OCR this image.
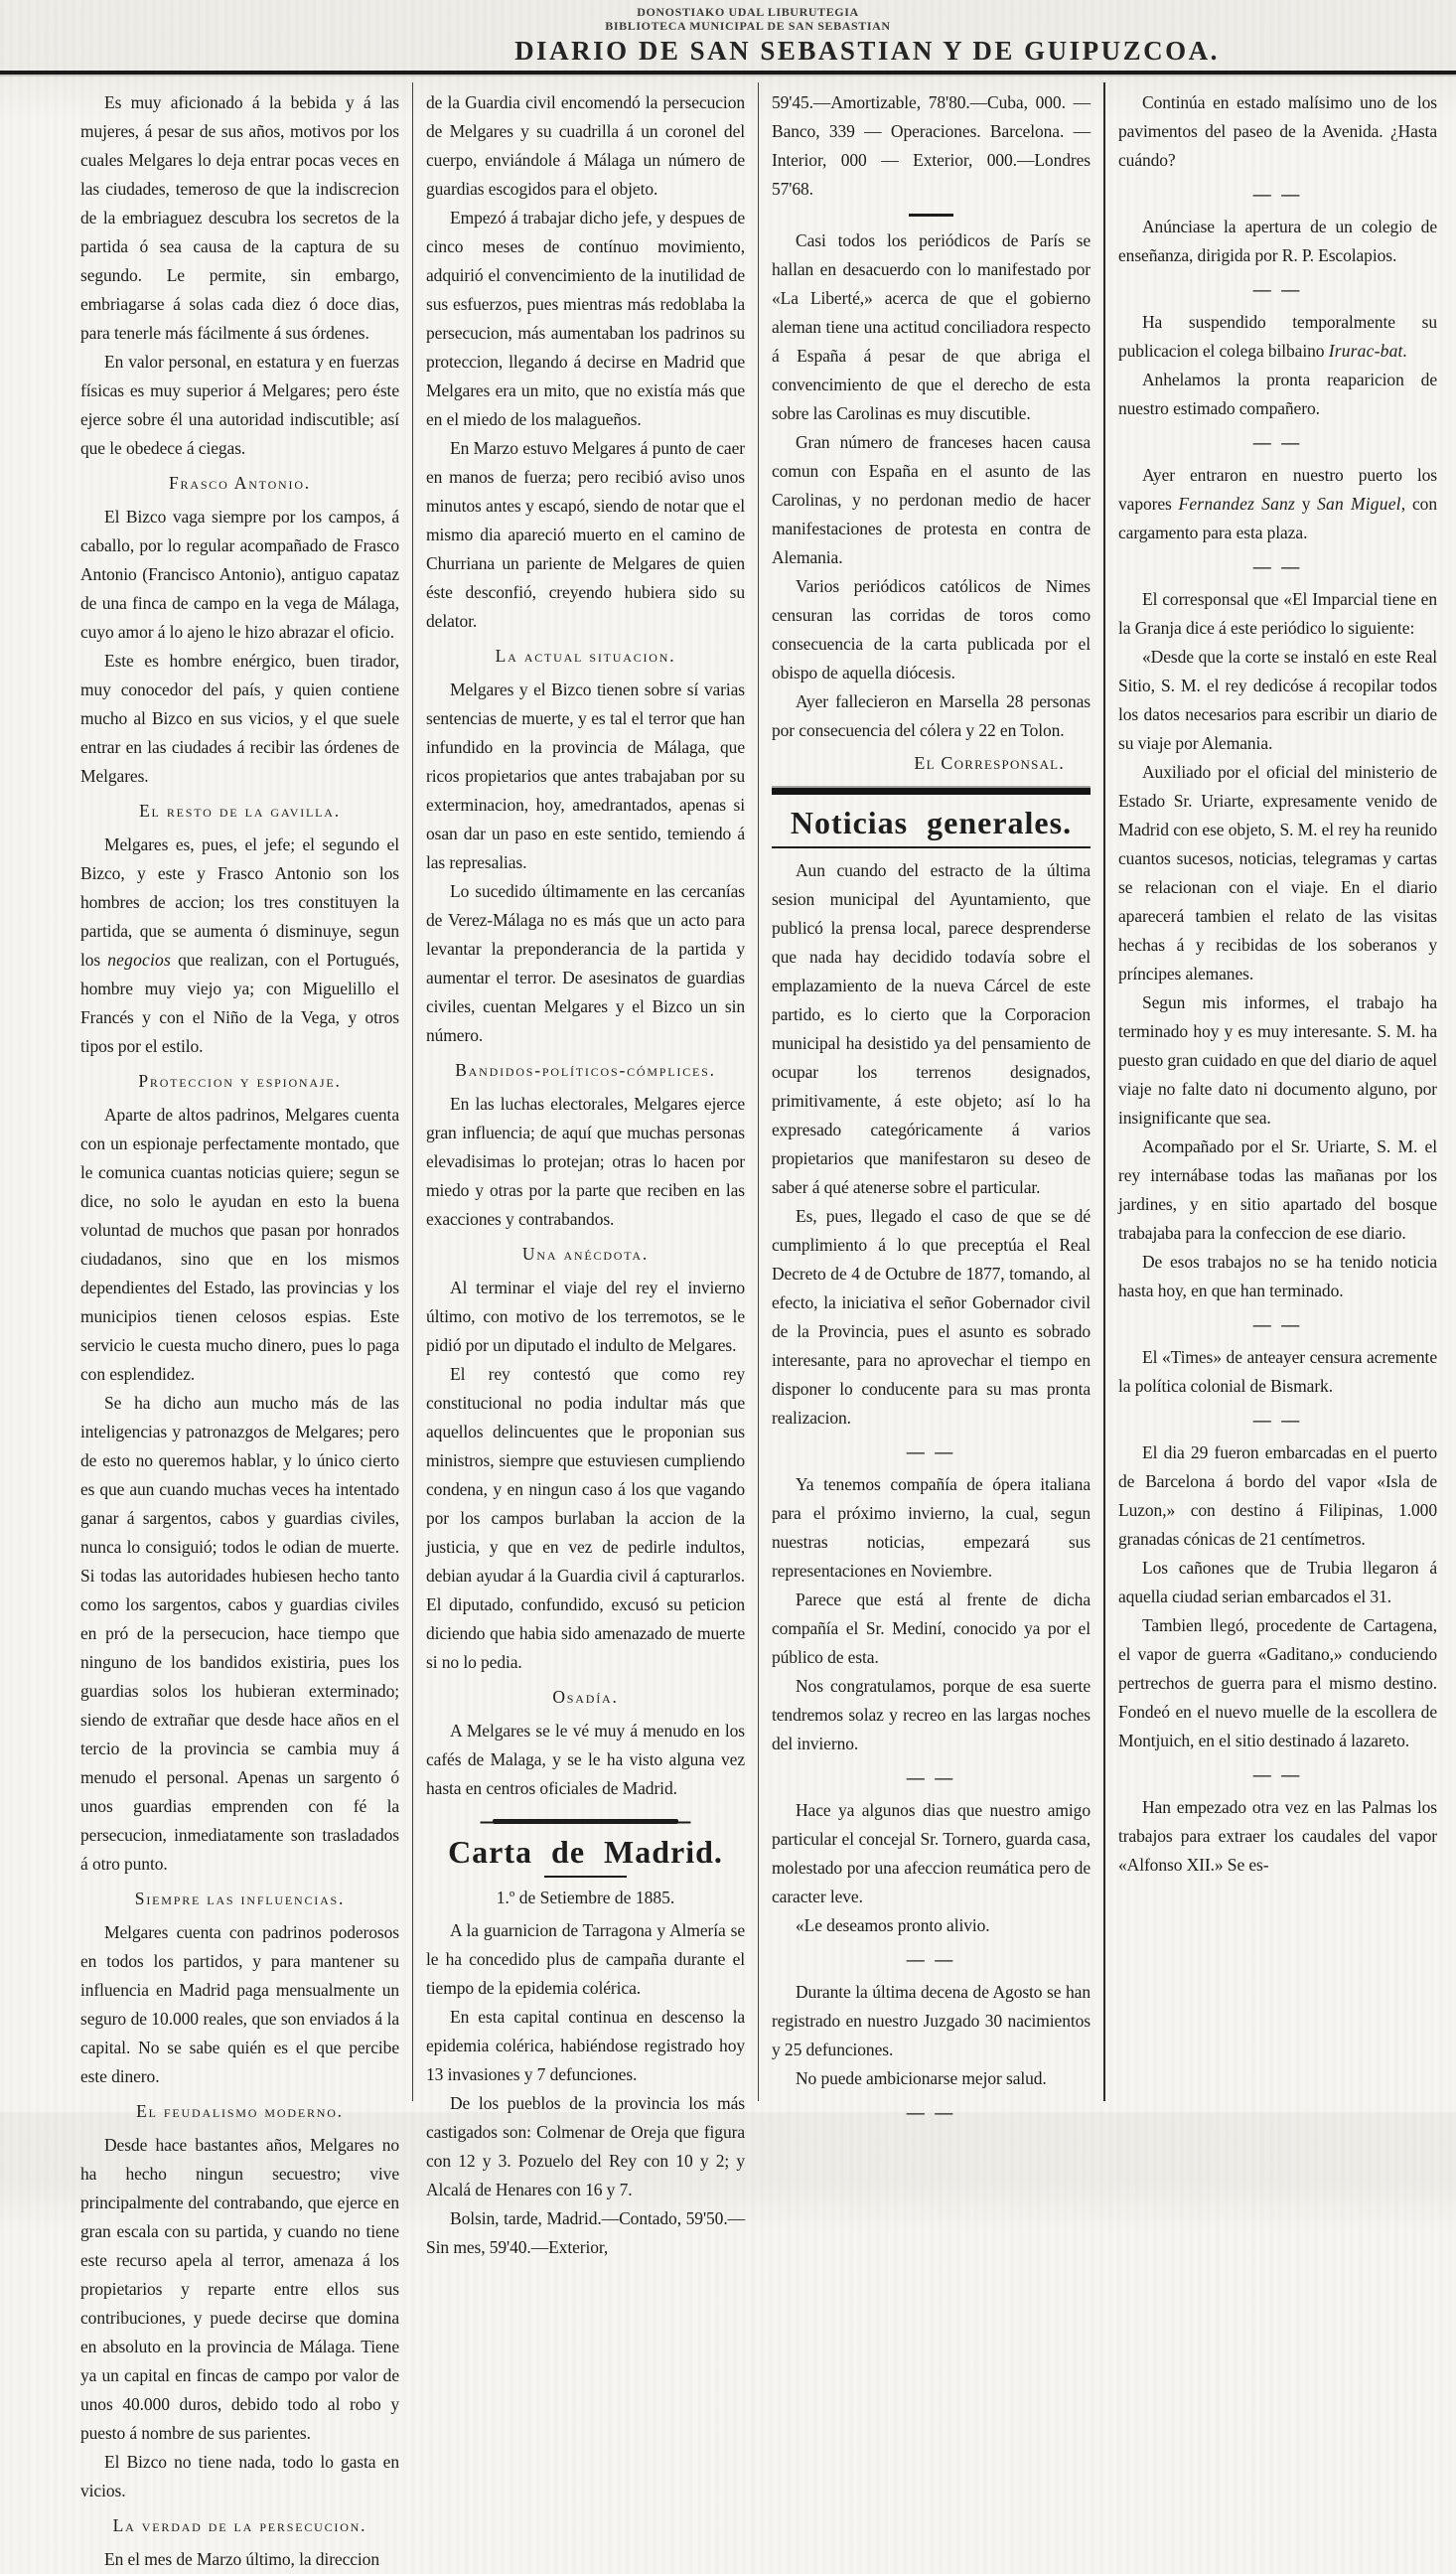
DONOSTIAKO UDAL LIBURUTEGIA
BIBLIOTECA MUNICIPAL DE SAN SEBASTIAN
DIARIO DE SAN SEBASTIAN Y DE GUIPUZCOA.
Es muy aficionado á la bebida y á las mujeres, á pesar de sus años, motivos por los cuales Melgares lo deja entrar pocas veces en las ciudades, temeroso de que la indiscrecion de la embriaguez descubra los secretos de la partida ó sea causa de la captura de su segundo. Le permite, sin embargo, embriagarse á solas cada diez ó doce dias, para tenerle más fácilmente á sus órdenes.
En valor personal, en estatura y en fuerzas físicas es muy superior á Melgares; pero éste ejerce sobre él una autoridad indiscutible; así que le obedece á ciegas.
Frasco Antonio.
El Bizco vaga siempre por los campos, á caballo, por lo regular acompañado de Frasco Antonio (Francisco Antonio), antiguo capataz de una finca de campo en la vega de Málaga, cuyo amor á lo ajeno le hizo abrazar el oficio.
Este es hombre enérgico, buen tirador, muy conocedor del país, y quien contiene mucho al Bizco en sus vicios, y el que suele entrar en las ciudades á recibir las órdenes de Melgares.
El resto de la gavilla.
Melgares es, pues, el jefe; el segundo el Bizco, y este y Frasco Antonio son los hombres de accion; los tres constituyen la partida, que se aumenta ó disminuye, segun los negocios que realizan, con el Portugués, hombre muy viejo ya; con Miguelillo el Francés y con el Niño de la Vega, y otros tipos por el estilo.
Proteccion y espionaje.
Aparte de altos padrinos, Melgares cuenta con un espionaje perfectamente montado, que le comunica cuantas noticias quiere; segun se dice, no solo le ayudan en esto la buena voluntad de muchos que pasan por honrados ciudadanos, sino que en los mismos dependientes del Estado, las provincias y los municipios tienen celosos espias. Este servicio le cuesta mucho dinero, pues lo paga con esplendidez.
Se ha dicho aun mucho más de las inteligencias y patronazgos de Melgares; pero de esto no queremos hablar, y lo único cierto es que aun cuando muchas veces ha intentado ganar á sargentos, cabos y guardias civiles, nunca lo consiguió; todos le odian de muerte. Si todas las autoridades hubiesen hecho tanto como los sargentos, cabos y guardias civiles en pró de la persecucion, hace tiempo que ninguno de los bandidos existiria, pues los guardias solos los hubieran exterminado; siendo de extrañar que desde hace años en el tercio de la provincia se cambia muy á menudo el personal. Apenas un sargento ó unos guardias emprenden con fé la persecucion, inmediatamente son trasladados á otro punto.
Siempre las influencias.
Melgares cuenta con padrinos poderosos en todos los partidos, y para mantener su influencia en Madrid paga mensualmente un seguro de 10.000 reales, que son enviados á la capital. No se sabe quién es el que percibe este dinero.
El feudalismo moderno.
Desde hace bastantes años, Melgares no ha hecho ningun secuestro; vive principalmente del contrabando, que ejerce en gran escala con su partida, y cuando no tiene este recurso apela al terror, amenaza á los propietarios y reparte entre ellos sus contribuciones, y puede decirse que domina en absoluto en la provincia de Málaga. Tiene ya un capital en fincas de campo por valor de unos 40.000 duros, debido todo al robo y puesto á nombre de sus parientes.
El Bizco no tiene nada, todo lo gasta en vicios.
La verdad de la persecucion.
En el mes de Marzo último, la direccion
de la Guardia civil encomendó la persecucion de Melgares y su cuadrilla á un coronel del cuerpo, enviándole á Málaga un número de guardias escogidos para el objeto.
Empezó á trabajar dicho jefe, y despues de cinco meses de contínuo movimiento, adquirió el convencimiento de la inutilidad de sus esfuerzos, pues mientras más redoblaba la persecucion, más aumentaban los padrinos su proteccion, llegando á decirse en Madrid que Melgares era un mito, que no existía más que en el miedo de los malagueños.
En Marzo estuvo Melgares á punto de caer en manos de fuerza; pero recibió aviso unos minutos antes y escapó, siendo de notar que el mismo dia apareció muerto en el camino de Churriana un pariente de Melgares de quien éste desconfió, creyendo hubiera sido su delator.
La actual situacion.
Melgares y el Bizco tienen sobre sí varias sentencias de muerte, y es tal el terror que han infundido en la provincia de Málaga, que ricos propietarios que antes trabajaban por su exterminacion, hoy, amedrantados, apenas si osan dar un paso en este sentido, temiendo á las represalias.
Lo sucedido últimamente en las cercanías de Verez-Málaga no es más que un acto para levantar la preponderancia de la partida y aumentar el terror. De asesinatos de guardias civiles, cuentan Melgares y el Bizco un sin número.
Bandidos-políticos-cómplices.
En las luchas electorales, Melgares ejerce gran influencia; de aquí que muchas personas elevadisimas lo protejan; otras lo hacen por miedo y otras por la parte que reciben en las exacciones y contrabandos.
Una anécdota.
Al terminar el viaje del rey el invierno último, con motivo de los terremotos, se le pidió por un diputado el indulto de Melgares.
El rey contestó que como rey constitucional no podia indultar más que aquellos delincuentes que le proponian sus ministros, siempre que estuviesen cumpliendo condena, y en ningun caso á los que vagando por los campos burlaban la accion de la justicia, y que en vez de pedirle indultos, debian ayudar á la Guardia civil á capturarlos. El diputado, confundido, excusó su peticion diciendo que habia sido amenazado de muerte si no lo pedia.
Osadía.
A Melgares se le vé muy á menudo en los cafés de Malaga, y se le ha visto alguna vez hasta en centros oficiales de Madrid.
Carta de Madrid.
1.º de Setiembre de 1885.
A la guarnicion de Tarragona y Almería se le ha concedido plus de campaña durante el tiempo de la epidemia colérica.
En esta capital continua en descenso la epidemia colérica, habiéndose registrado hoy 13 invasiones y 7 defunciones.
De los pueblos de la provincia los más castigados son: Colmenar de Oreja que figura con 12 y 3. Pozuelo del Rey con 10 y 2; y Alcalá de Henares con 16 y 7.
Bolsin, tarde, Madrid.—Contado, 59'50.—Sin mes, 59'40.—Exterior,
59'45.—Amortizable, 78'80.—Cuba, 000. — Banco, 339 — Operaciones. Barcelona. —Interior, 000 — Exterior, 000.—Londres 57'68.
Casi todos los periódicos de París se hallan en desacuerdo con lo manifestado por «La Liberté,» acerca de que el gobierno aleman tiene una actitud conciliadora respecto á España á pesar de que abriga el convencimiento de que el derecho de esta sobre las Carolinas es muy discutible.
Gran número de franceses hacen causa comun con España en el asunto de las Carolinas, y no perdonan medio de hacer manifestaciones de protesta en contra de Alemania.
Varios periódicos católicos de Nimes censuran las corridas de toros como consecuencia de la carta publicada por el obispo de aquella diócesis.
Ayer fallecieron en Marsella 28 personas por consecuencia del cólera y 22 en Tolon.
El Corresponsal.
Noticias generales.
Aun cuando del estracto de la última sesion municipal del Ayuntamiento, que publicó la prensa local, parece desprenderse que nada hay decidido todavía sobre el emplazamiento de la nueva Cárcel de este partido, es lo cierto que la Corporacion municipal ha desistido ya del pensamiento de ocupar los terrenos designados, primitivamente, á este objeto; así lo ha expresado categóricamente á varios propietarios que manifestaron su deseo de saber á qué atenerse sobre el particular.
Es, pues, llegado el caso de que se dé cumplimiento á lo que preceptúa el Real Decreto de 4 de Octubre de 1877, tomando, al efecto, la iniciativa el señor Gobernador civil de la Provincia, pues el asunto es sobrado interesante, para no aprovechar el tiempo en disponer lo conducente para su mas pronta realizacion.
— —
Ya tenemos compañía de ópera italiana para el próximo invierno, la cual, segun nuestras noticias, empezará sus representaciones en Noviembre.
Parece que está al frente de dicha compañía el Sr. Mediní, conocido ya por el público de esta.
Nos congratulamos, porque de esa suerte tendremos solaz y recreo en las largas noches del invierno.
— —
Hace ya algunos dias que nuestro amigo particular el concejal Sr. Tornero, guarda casa, molestado por una afeccion reumática pero de caracter leve.
«Le deseamos pronto alivio.
— —
Durante la última decena de Agosto se han registrado en nuestro Juzgado 30 nacimientos y 25 defunciones.
No puede ambicionarse mejor salud.
— —
Continúa en estado malísimo uno de los pavimentos del paseo de la Avenida. ¿Hasta cuándo?
— —
Anúnciase la apertura de un colegio de enseñanza, dirigida por R. P. Escolapios.
— —
Ha suspendido temporalmente su publicacion el colega bilbaino Irurac-bat.
Anhelamos la pronta reaparicion de nuestro estimado compañero.
— —
Ayer entraron en nuestro puerto los vapores Fernandez Sanz y San Miguel, con cargamento para esta plaza.
— —
El corresponsal que «El Imparcial tiene en la Granja dice á este periódico lo siguiente:
«Desde que la corte se instaló en este Real Sitio, S. M. el rey dedicóse á recopilar todos los datos necesarios para escribir un diario de su viaje por Alemania.
Auxiliado por el oficial del ministerio de Estado Sr. Uriarte, expresamente venido de Madrid con ese objeto, S. M. el rey ha reunido cuantos sucesos, noticias, telegramas y cartas se relacionan con el viaje. En el diario aparecerá tambien el relato de las visitas hechas á y recibidas de los soberanos y príncipes alemanes.
Segun mis informes, el trabajo ha terminado hoy y es muy interesante. S. M. ha puesto gran cuidado en que del diario de aquel viaje no falte dato ni documento alguno, por insignificante que sea.
Acompañado por el Sr. Uriarte, S. M. el rey internábase todas las mañanas por los jardines, y en sitio apartado del bosque trabajaba para la confeccion de ese diario.
De esos trabajos no se ha tenido noticia hasta hoy, en que han terminado.
— —
El «Times» de anteayer censura acremente la política colonial de Bismark.
— —
El dia 29 fueron embarcadas en el puerto de Barcelona á bordo del vapor «Isla de Luzon,» con destino á Filipinas, 1.000 granadas cónicas de 21 centímetros.
Los cañones que de Trubia llegaron á aquella ciudad serian embarcados el 31.
Tambien llegó, procedente de Cartagena, el vapor de guerra «Gaditano,» conduciendo pertrechos de guerra para el mismo destino. Fondeó en el nuevo muelle de la escollera de Montjuich, en el sitio destinado á lazareto.
— —
Han empezado otra vez en las Palmas los trabajos para extraer los caudales del vapor «Alfonso XII.» Se es-
